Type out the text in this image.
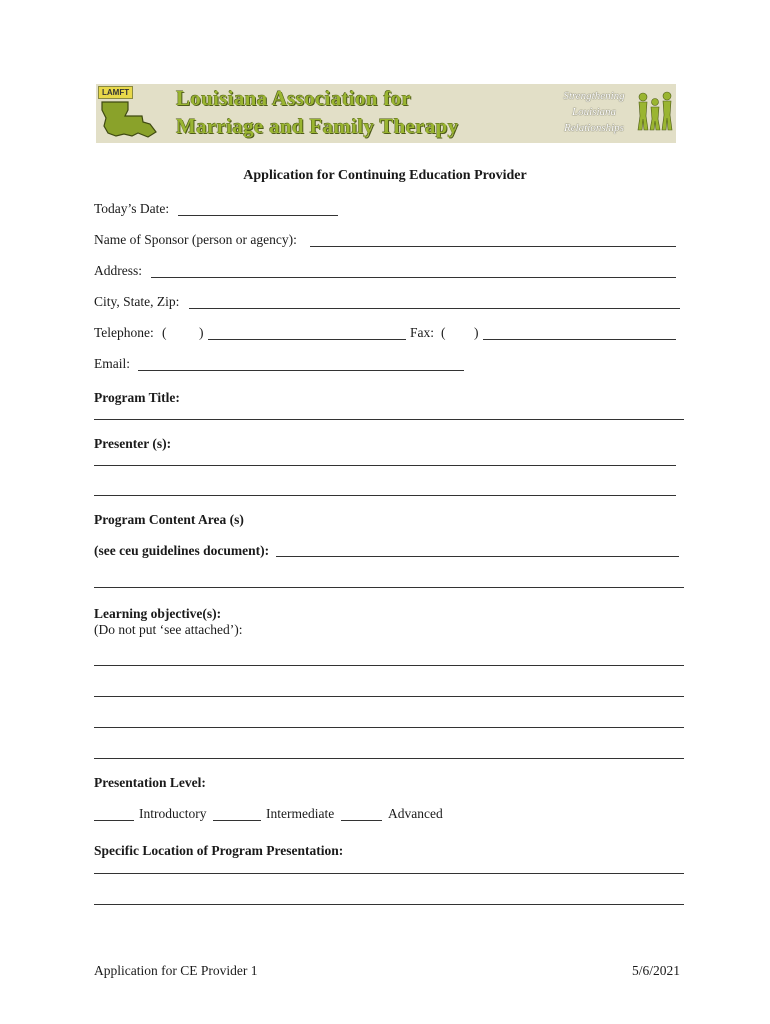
LAMFT Louisiana Association for
Marriage and Family Therapy
Strengthening
Louisiana
Relationships
Application for Continuing Education Provider
Today’s Date:
Name of Sponsor (person or agency):
Address:
City, State, Zip:
Telephone: ( )	Fax: ( )
Email:
Program Title:
Presenter (s):
Program Content Area (s)
(see ceu guidelines document):
Learning objective(s):
(Do not put ‘see attached’):
Presentation Level:
Introductory	Intermediate	Advanced
Specific Location of Program Presentation:
Application for CE Provider 1	5/6/2021
